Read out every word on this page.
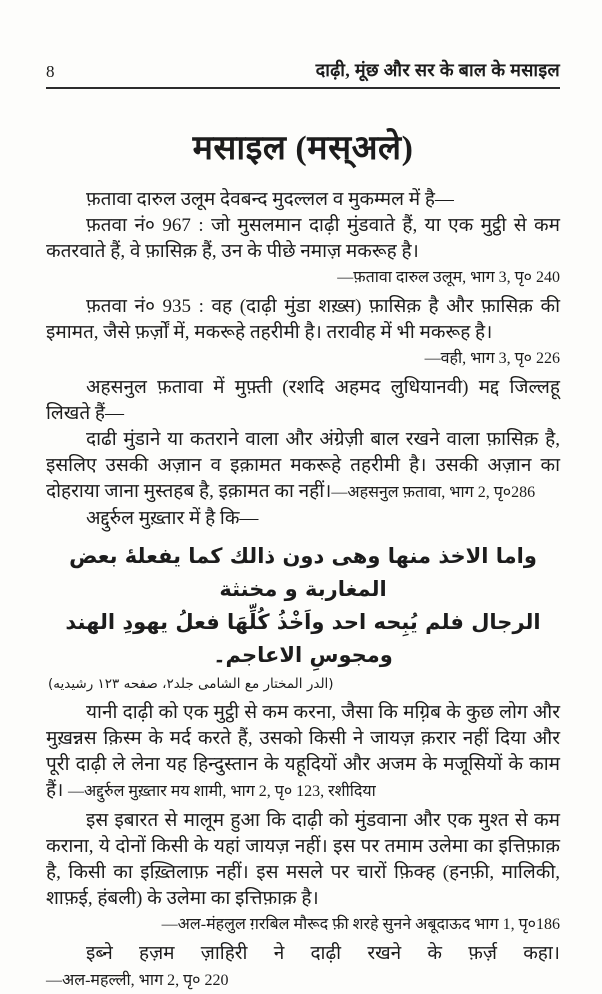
8	दाढ़ी, मूंछ और सर के बाल के मसाइल
मसाइल (मस्अले)

फ़तावा दारुल उलूम देवबन्द मुदल्लल व मुकम्मल में है—

फ़तवा नं० 967 : जो मुसलमान दाढ़ी मुंडवाते हैं, या एक मुट्ठी से कम कतरवाते हैं, वे फ़ासिक़ हैं, उन के पीछे नमाज़ मकरूह है।

—फ़तावा दारुल उलूम, भाग 3, पृ० 240

फ़तवा नं० 935 : वह (दाढ़ी मुंडा शख़्स) फ़ासिक़ है और फ़ासिक़ की इमामत, जैसे फ़र्ज़ों में, मकरूहे तहरीमी है। तरावीह में भी मकरूह है।

—वही, भाग 3, पृ० 226

अहसनुल फ़तावा में मुफ़्ती (रशदि अहमद लुधियानवी) मद्द जिल्लहू लिखते हैं—

दाढी मुंडाने या कतराने वाला और अंग्रेज़ी बाल रखने वाला फ़ासिक़ है, इसलिए उसकी अज़ान व इक़ामत मकरूहे तहरीमी है। उसकी अज़ान का दोहराया जाना मुस्तहब है, इक़ामत का नहीं।—अहसनुल फ़तावा, भाग 2, पृ०286

अद्दुर्रुल मुख़्तार में है कि—

واما الاخذ منها وهى دون ذالك كما يفعلهٔ بعض المغاربة و مخنثة
الرجال فلم يُبِحه احد واَخْذُ كُلِّهَا فعلُ يهودِ الهند ومجوسِ الاعاجم۔
(الدر المختار مع الشامى جلد۲، صفحه ۱۲۳ رشيديه)

यानी दाढ़ी को एक मुट्ठी से कम करना, जैसा कि मग़्रिब के कुछ लोग और मुख़न्नस क़िस्म के मर्द करते हैं, उसको किसी ने जायज़ क़रार नहीं दिया और पूरी दाढ़ी ले लेना यह हिन्दुस्तान के यहूदियों और अजम के मजूसियों के काम हैं। —अद्दुर्रुल मुख़्तार मय शामी, भाग 2, पृ० 123, रशीदिया

इस इबारत से मालूम हुआ कि दाढ़ी को मुंडवाना और एक मुश्त से कम कराना, ये दोनों किसी के यहां जायज़ नहीं। इस पर तमाम उलेमा का इत्तिफ़ाक़ है, किसी का इख़्तिलाफ़ नहीं। इस मसले पर चारों फ़िक्ह (हनफ़ी, मालिकी, शाफ़ई, हंबली) के उलेमा का इत्तिफ़ाक़ है।

—अल-मंहलुल ग़रबिल मौरूद फ़ी शरहे सुनने अबूदाऊद भाग 1, पृ०186

इब्ने हज़म ज़ाहिरी ने दाढ़ी रखने के फ़र्ज़ कहा।—अल-महल्ली, भाग 2, पृ० 220
